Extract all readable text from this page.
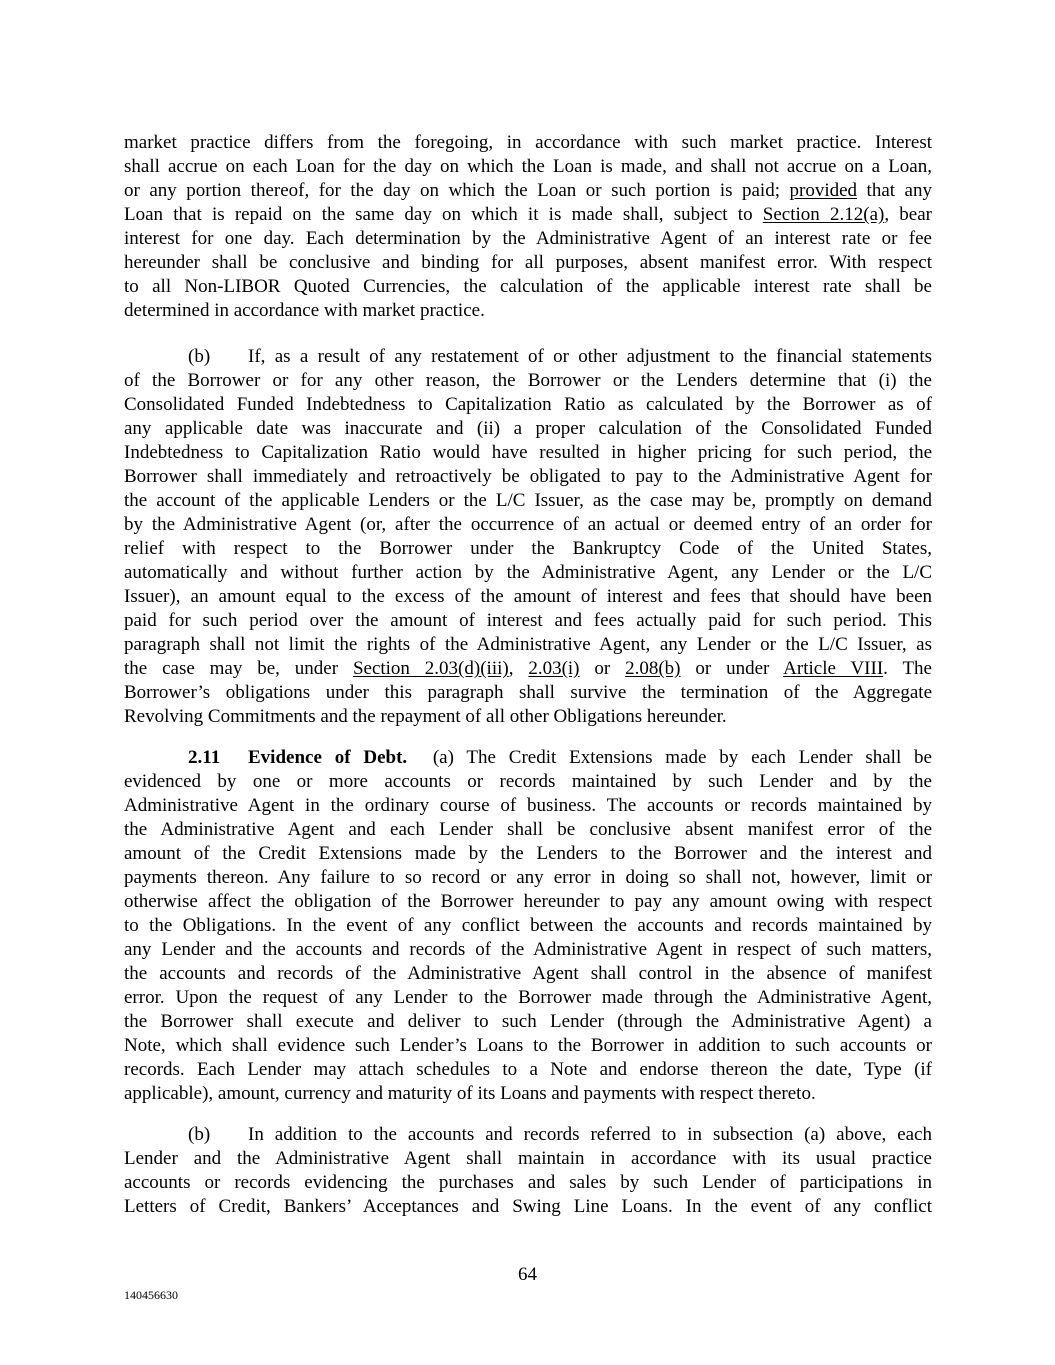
market practice differs from the foregoing, in accordance with such market practice. Interest
shall accrue on each Loan for the day on which the Loan is made, and shall not accrue on a Loan,
or any portion thereof, for the day on which the Loan or such portion is paid; provided that any
Loan that is repaid on the same day on which it is made shall, subject to Section 2.12(a), bear
interest for one day. Each determination by the Administrative Agent of an interest rate or fee
hereunder shall be conclusive and binding for all purposes, absent manifest error. With respect
to all Non-LIBOR Quoted Currencies, the calculation of the applicable interest rate shall be
determined in accordance with market practice.
(b) If, as a result of any restatement of or other adjustment to the financial statements
of the Borrower or for any other reason, the Borrower or the Lenders determine that (i) the
Consolidated Funded Indebtedness to Capitalization Ratio as calculated by the Borrower as of
any applicable date was inaccurate and (ii) a proper calculation of the Consolidated Funded
Indebtedness to Capitalization Ratio would have resulted in higher pricing for such period, the
Borrower shall immediately and retroactively be obligated to pay to the Administrative Agent for
the account of the applicable Lenders or the L/C Issuer, as the case may be, promptly on demand
by the Administrative Agent (or, after the occurrence of an actual or deemed entry of an order for
relief with respect to the Borrower under the Bankruptcy Code of the United States,
automatically and without further action by the Administrative Agent, any Lender or the L/C
Issuer), an amount equal to the excess of the amount of interest and fees that should have been
paid for such period over the amount of interest and fees actually paid for such period. This
paragraph shall not limit the rights of the Administrative Agent, any Lender or the L/C Issuer, as
the case may be, under Section 2.03(d)(iii), 2.03(i) or 2.08(b) or under Article VIII. The
Borrower’s obligations under this paragraph shall survive the termination of the Aggregate
Revolving Commitments and the repayment of all other Obligations hereunder.
2.11 Evidence of Debt.  (a) The Credit Extensions made by each Lender shall be
evidenced by one or more accounts or records maintained by such Lender and by the
Administrative Agent in the ordinary course of business. The accounts or records maintained by
the Administrative Agent and each Lender shall be conclusive absent manifest error of the
amount of the Credit Extensions made by the Lenders to the Borrower and the interest and
payments thereon. Any failure to so record or any error in doing so shall not, however, limit or
otherwise affect the obligation of the Borrower hereunder to pay any amount owing with respect
to the Obligations. In the event of any conflict between the accounts and records maintained by
any Lender and the accounts and records of the Administrative Agent in respect of such matters,
the accounts and records of the Administrative Agent shall control in the absence of manifest
error. Upon the request of any Lender to the Borrower made through the Administrative Agent,
the Borrower shall execute and deliver to such Lender (through the Administrative Agent) a
Note, which shall evidence such Lender’s Loans to the Borrower in addition to such accounts or
records. Each Lender may attach schedules to a Note and endorse thereon the date, Type (if
applicable), amount, currency and maturity of its Loans and payments with respect thereto.
(b) In addition to the accounts and records referred to in subsection (a) above, each
Lender and the Administrative Agent shall maintain in accordance with its usual practice
accounts or records evidencing the purchases and sales by such Lender of participations in
Letters of Credit, Bankers’ Acceptances and Swing Line Loans. In the event of any conflict
64
140456630
